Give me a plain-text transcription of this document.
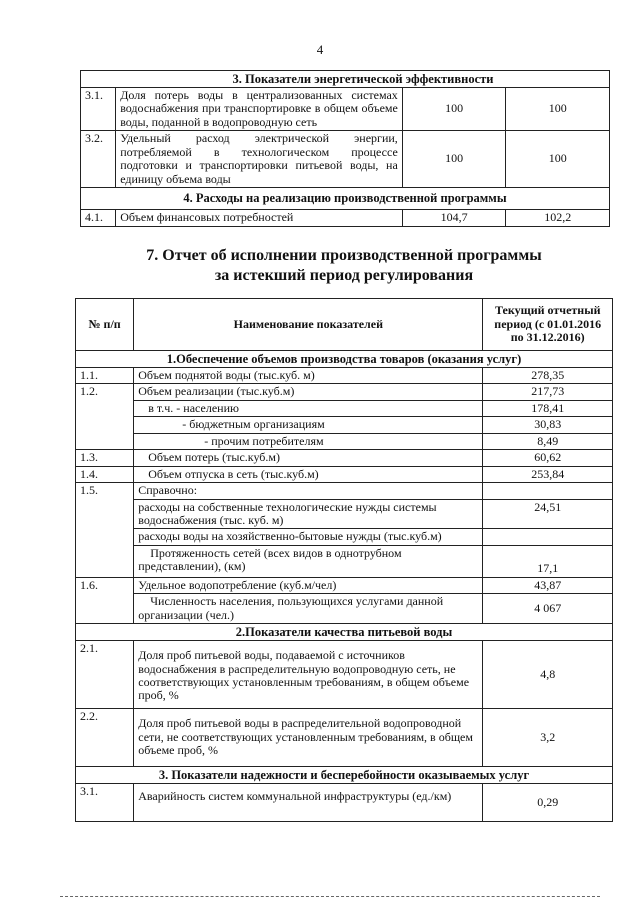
4
3. Показатели энергетической эффективности			
3.1.	Доля потерь воды в централизованных системах водоснабжения при транспортировке в общем объеме воды, поданной в водопроводную сеть	100	100
3.2.	Удельный расход электрической энергии, потребляемой в технологическом процессе подготовки и транспортировки питьевой воды, на единицу объема воды	100	100
4. Расходы на реализацию производственной программы			
4.1.	Объем финансовых потребностей	104,7	102,2
7. Отчет об исполнении производственной программы
за истекший период регулирования
№ п/п	Наименование показателей	Текущий отчетный период (с 01.01.2016 по 31.12.2016)
1.Обеспечение объемов производства товаров (оказания услуг)		
1.1.	Объем поднятой воды (тыс.куб. м)	278,35
1.2.	Объем реализации (тыс.куб.м)	217,73
	в т.ч. - населению	178,41
	- бюджетным организациям	30,83
	- прочим потребителям	8,49
1.3.	Объем потерь (тыс.куб.м)	60,62
1.4.	Объем отпуска в сеть (тыс.куб.м)	253,84
1.5.	Справочно:	
	расходы на собственные технологические нужды системы водоснабжения (тыс. куб. м)	24,51
	расходы воды на хозяйственно-бытовые нужды (тыс.куб.м)	
	Протяженность сетей (всех видов в однотрубном представлении), (км)	17,1
1.6.	Удельное водопотребление (куб.м/чел)	43,87
	Численность населения, пользующихся услугами данной организации (чел.)	4 067
2.Показатели качества питьевой воды		
2.1.	Доля проб питьевой воды, подаваемой с источников водоснабжения в распределительную водопроводную сеть, не соответствующих установленным требованиям, в общем объеме проб, %	4,8
2.2.	Доля проб питьевой воды в распределительной водопроводной сети, не соответствующих установленным требованиям, в общем объеме проб, %	3,2
3. Показатели надежности и бесперебойности оказываемых услуг		
3.1.	Аварийность систем коммунальной инфраструктуры (ед./км)	0,29
